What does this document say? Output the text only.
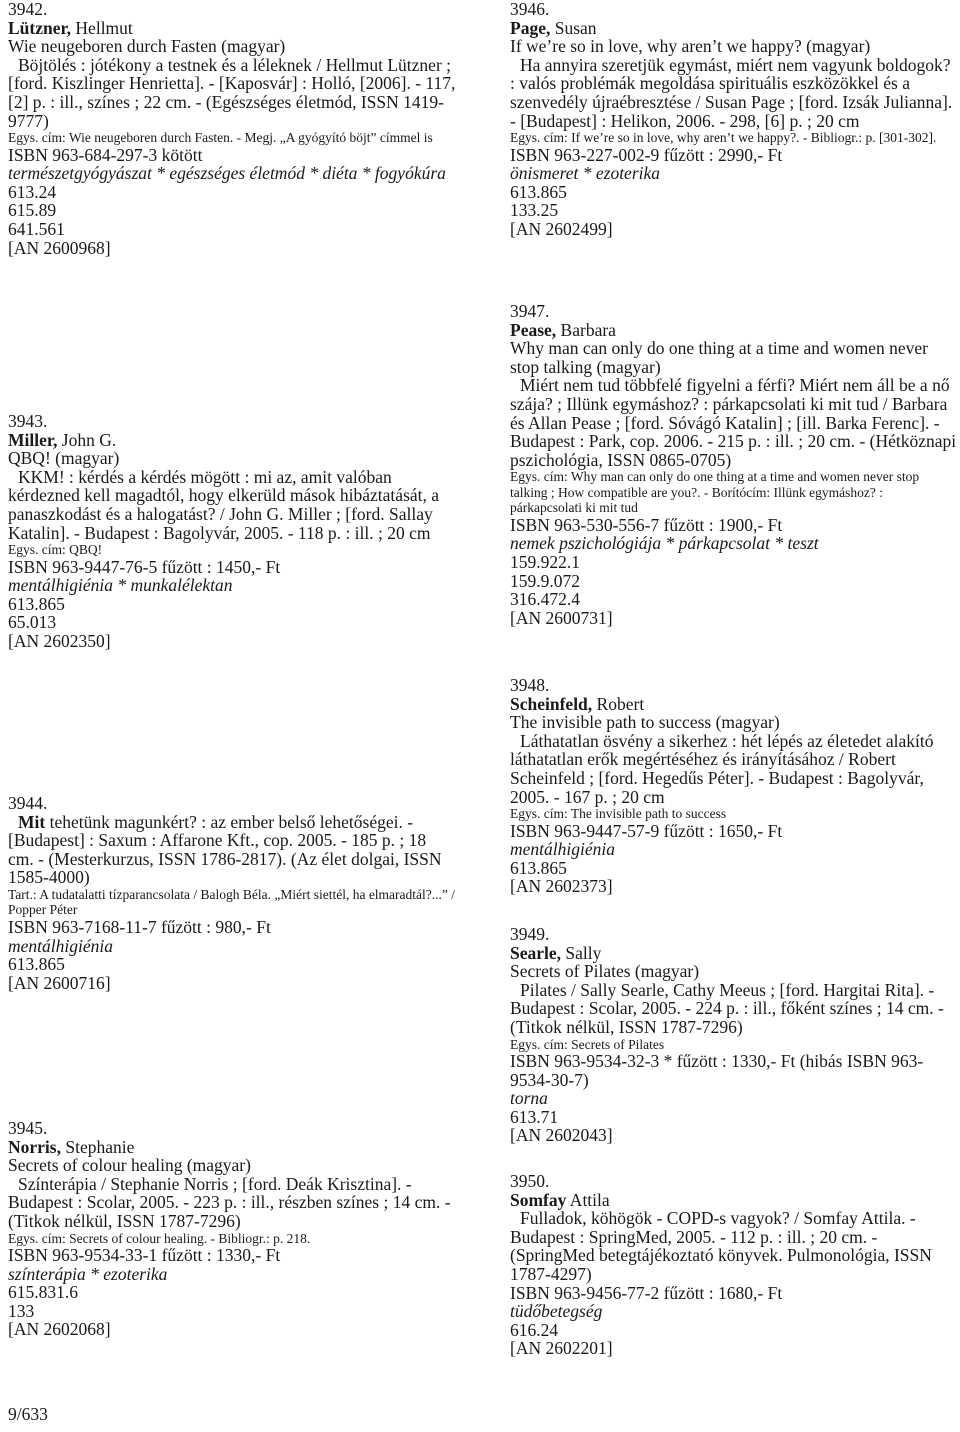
3942.
Lützner, Hellmut
Wie neugeboren durch Fasten (magyar)
Böjtölés : jótékony a testnek és a léleknek / Hellmut Lützner ; [ford. Kiszlinger Henrietta]. - [Kaposvár] : Holló, [2006]. - 117, [2] p. : ill., színes ; 22 cm. - (Egészséges életmód, ISSN 1419-9777)
Egys. cím: Wie neugeboren durch Fasten. - Megj. „A gyógyító böjt” címmel is
ISBN 963-684-297-3 kötött
természetgyógyászat * egészséges életmód * diéta * fogyókúra
613.24
615.89
641.561
[AN 2600968]
3943.
Miller, John G.
QBQ! (magyar)
KKM! : kérdés a kérdés mögött : mi az, amit valóban kérdezned kell magadtól, hogy elkerüld mások hibáztatását, a panaszkodást és a halogatást? / John G. Miller ; [ford. Sallay Katalin]. - Budapest : Bagolyvár, 2005. - 118 p. : ill. ; 20 cm
Egys. cím: QBQ!
ISBN 963-9447-76-5 fűzött : 1450,- Ft
mentálhigiénia * munkalélektan
613.865
65.013
[AN 2602350]
3944.
Mit tehetünk magunkért? : az ember belső lehetőségei. - [Budapest] : Saxum : Affarone Kft., cop. 2005. - 185 p. ; 18 cm. - (Mesterkurzus, ISSN 1786-2817). (Az élet dolgai, ISSN 1585-4000)
Tart.: A tudatalatti tízparancsolata / Balogh Béla. „Miért siettél, ha elmaradtál?...” / Popper Péter
ISBN 963-7168-11-7 fűzött : 980,- Ft
mentálhigiénia
613.865
[AN 2600716]
3945.
Norris, Stephanie
Secrets of colour healing (magyar)
Színterápia / Stephanie Norris ; [ford. Deák Krisztina]. - Budapest : Scolar, 2005. - 223 p. : ill., részben színes ; 14 cm. - (Titkok nélkül, ISSN 1787-7296)
Egys. cím: Secrets of colour healing. - Bibliogr.: p. 218.
ISBN 963-9534-33-1 fűzött : 1330,- Ft
színterápia * ezoterika
615.831.6
133
[AN 2602068]
3946.
Page, Susan
If we’re so in love, why aren’t we happy? (magyar)
Ha annyira szeretjük egymást, miért nem vagyunk boldogok? : valós problémák megoldása spirituális eszközökkel és a szenvedély újraébresztése / Susan Page ; [ford. Izsák Julianna]. - [Budapest] : Helikon, 2006. - 298, [6] p. ; 20 cm
Egys. cím: If we’re so in love, why aren’t we happy?. - Bibliogr.: p. [301-302].
ISBN 963-227-002-9 fűzött : 2990,- Ft
önismeret * ezoterika
613.865
133.25
[AN 2602499]
3947.
Pease, Barbara
Why man can only do one thing at a time and women never stop talking (magyar)
Miért nem tud többfelé figyelni a férfi? Miért nem áll be a nő szája? ; Illünk egymáshoz? : párkapcsolati ki mit tud / Barbara és Allan Pease ; [ford. Sóvágó Katalin] ; [ill. Barka Ferenc]. - Budapest : Park, cop. 2006. - 215 p. : ill. ; 20 cm. - (Hétköznapi pszichológia, ISSN 0865-0705)
Egys. cím: Why man can only do one thing at a time and women never stop talking ; How compatible are you?. - Borítócím: Illünk egymáshoz? : párkapcsolati ki mit tud
ISBN 963-530-556-7 fűzött : 1900,- Ft
nemek pszichológiája * párkapcsolat * teszt
159.922.1
159.9.072
316.472.4
[AN 2600731]
3948.
Scheinfeld, Robert
The invisible path to success (magyar)
Láthatatlan ösvény a sikerhez : hét lépés az életedet alakító láthatatlan erők megértéséhez és irányításához / Robert Scheinfeld ; [ford. Hegedűs Péter]. - Budapest : Bagolyvár, 2005. - 167 p. ; 20 cm
Egys. cím: The invisible path to success
ISBN 963-9447-57-9 fűzött : 1650,- Ft
mentálhigiénia
613.865
[AN 2602373]
3949.
Searle, Sally
Secrets of Pilates (magyar)
Pilates / Sally Searle, Cathy Meeus ; [ford. Hargitai Rita]. - Budapest : Scolar, 2005. - 224 p. : ill., főként színes ; 14 cm. - (Titkok nélkül, ISSN 1787-7296)
Egys. cím: Secrets of Pilates
ISBN 963-9534-32-3 * fűzött : 1330,- Ft (hibás ISBN 963-9534-30-7)
torna
613.71
[AN 2602043]
3950.
Somfay Attila
Fulladok, köhögök - COPD-s vagyok? / Somfay Attila. - Budapest : SpringMed, 2005. - 112 p. : ill. ; 20 cm. - (SpringMed betegtájékoztató könyvek. Pulmonológia, ISSN 1787-4297)
ISBN 963-9456-77-2 fűzött : 1680,- Ft
tüdőbetegség
616.24
[AN 2602201]
9/633
